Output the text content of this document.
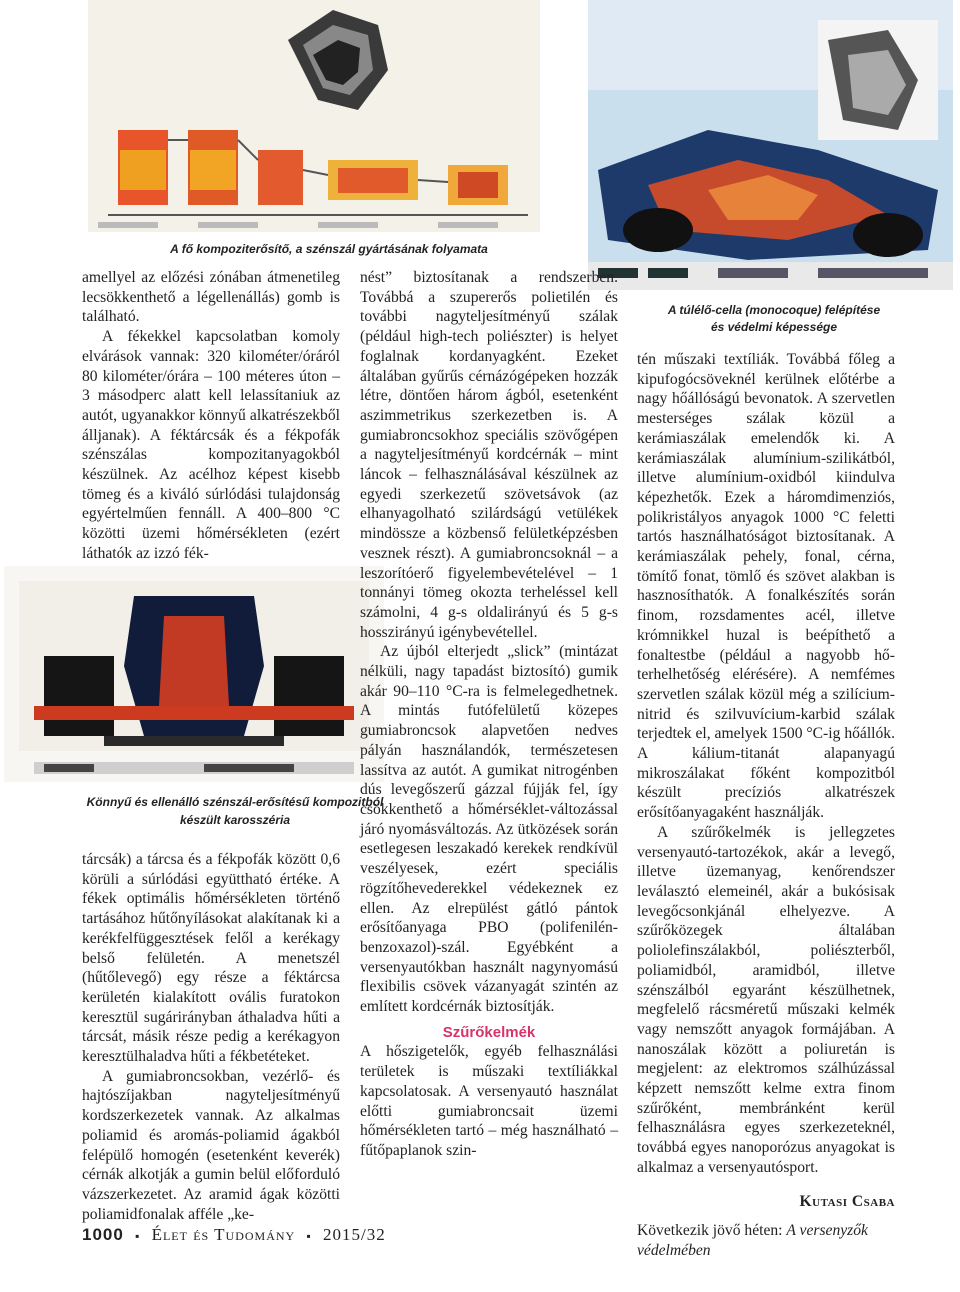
A fő kompoziterősítő, a szénszál gyártásának folyamata
A túlélő-cella (monocoque) felépítése
és védelmi képessége

amellyel az előzési zónában átmenetileg lecsökkenthető a légellenállás) gomb is található.

A fékekkel kapcsolatban komoly elvárások vannak: 320 kilométer/óráról 80 kilométer/órára – 100 méteres úton – 3 másodperc alatt kell lelassítaniuk az autót, ugyanakkor könnyű alkatrészekből álljanak). A féktárcsák és a fékpofák szénszálas kompozitanyagokból készülnek. Az acélhoz képest kisebb tömeg és a kiváló súrlódási tulajdonság egyértelműen fennáll. A 400–800 °C közötti üzemi hőmérsékleten (ezért láthatók az izzó fék-

Könnyű és ellenálló szénszál-erősítésű kompozitból
készült karosszéria

tárcsák) a tárcsa és a fékpofák között 0,6 körüli a súrlódási együttható értéke. A fékek optimális hőmérsékleten történő tartásához hűtőnyílásokat alakítanak ki a kerékfelfüggesztések felől a kerékagy belső felületén. A menetszél (hűtőlevegő) egy része a féktárcsa kerületén kialakított ovális furatokon keresztül sugárirányban áthaladva hűti a tárcsát, másik része pedig a kerékagyon keresztülhaladva hűti a fékbetéteket.

A gumiabroncsokban, vezérlő- és hajtószíjakban nagyteljesítményű kordszerkezetek vannak. Az alkalmas poliamid és aromás-poliamid ágakból felépülő homogén (esetenként keverék) cérnák alkotják a gumin belül előforduló vázszerkezetet. Az aramid ágak közötti poliamidfonalak afféle „ke-

nést” biztosítanak a rendszerben. Továbbá a szupererős polietilén és további nagyteljesítményű szálak (például high-tech poliészter) is helyet foglalnak kordanyagként. Ezeket általában gyűrűs cérnázógépeken hozzák létre, döntően három ágból, esetenként aszimmetrikus szerkezetben is. A gumiabroncsokhoz speciális szövőgépen a nagyteljesítményű kordcérnák – mint láncok – felhasználásával készülnek az egyedi szerkezetű szövetsávok (az elhanyagolható szilárdságú vetülékek mindössze a közbenső felületképzésben vesznek részt). A gumiabroncsoknál – a leszorítóerő figyelembevételével – 1 tonnányi tömeg okozta terheléssel kell számolni, 4 g-s oldalirányú és 5 g-s hosszirányú igénybevétellel.

Az újból elterjedt „slick” (mintázat nélküli, nagy tapadást biztosító) gumik akár 90–110 °C-ra is felmelegedhetnek. A mintás futófelületű közepes gumiabroncsok alapvetően nedves pályán használandók, természetesen lassítva az autót. A gumikat nitrogénben dús levegőszerű gázzal fújják fel, így csökkenthető a hőmérséklet-változással járó nyomásváltozás. Az ütközések során esetlegesen leszakadó kerekek rendkívül veszélyesek, ezért speciális rögzítőhevederekkel védekeznek ez ellen. Az elrepülést gátló pántok erősítőanyaga PBO (polifenilén-benzoxazol)-szál. Egyébként a versenyautókban használt nagynyomású flexibilis csövek vázanyagát szintén az említett kordcérnák biztosítják.

Szűrőkelmék

A hőszigetelők, egyéb felhasználási területek is műszaki textíliákkal kapcsolatosak. A versenyautó használat előtti gumiabroncsait üzemi hőmérsékleten tartó – még használható – fűtőpaplanok szin-

tén műszaki textíliák. Továbbá főleg a kipufogócsöveknél kerülnek előtérbe a nagy hőállóságú bevonatok. A szervetlen mesterséges szálak közül a kerámiaszálak emelendők ki. A kerámiaszálak alumínium-szilikátból, illetve alumínium-oxidból kiindulva képezhetők. Ezek a háromdimenziós, polikristályos anyagok 1000 °C feletti tartós használhatóságot biztosítanak. A kerámiaszálak pehely, fonal, cérna, tömítő fonat, tömlő és szövet alakban is hasznosíthatók. A fonalkészítés során finom, rozsdamentes acél, illetve krómnikkel huzal is beépíthető a fonaltestbe (például a nagyobb hő-terhelhetőség elérésére). A nemfémes szervetlen szálak közül még a szilícium-nitrid és szilvuvícium-karbid szálak terjedtek el, amelyek 1500 °C-ig hőállók. A kálium-titanát alapanyagú mikroszálakat főként kompozitból készült precíziós alkatrészek erősítőanyagaként használják.

A szűrőkelmék is jellegzetes versenyautó-tartozékok, akár a levegő, illetve üzemanyag, kenőrendszer leválasztó elemeinél, akár a bukósisak levegőcsonkjánál elhelyezve. A szűrőközegek általában poliolefinszálakból, poliészterből, poliamidból, aramidból, illetve szénszálból egyaránt készülhetnek, megfelelő rácsméretű műszaki kelmék vagy nemszőtt anyagok formájában. A nanoszálak között a poliuretán is megjelent: az elektromos szálhúzással képzett nemszőtt kelme extra finom szűrőként, membránként kerül felhasználásra egyes szerkezeteknél, továbbá egyes nanoporózus anyagokat is alkalmaz a versenyautósport.

Kutasi Csaba

Következik jövő héten: A versenyzők védelmében

1000 ▪ Élet és Tudomány ▪ 2015/32
